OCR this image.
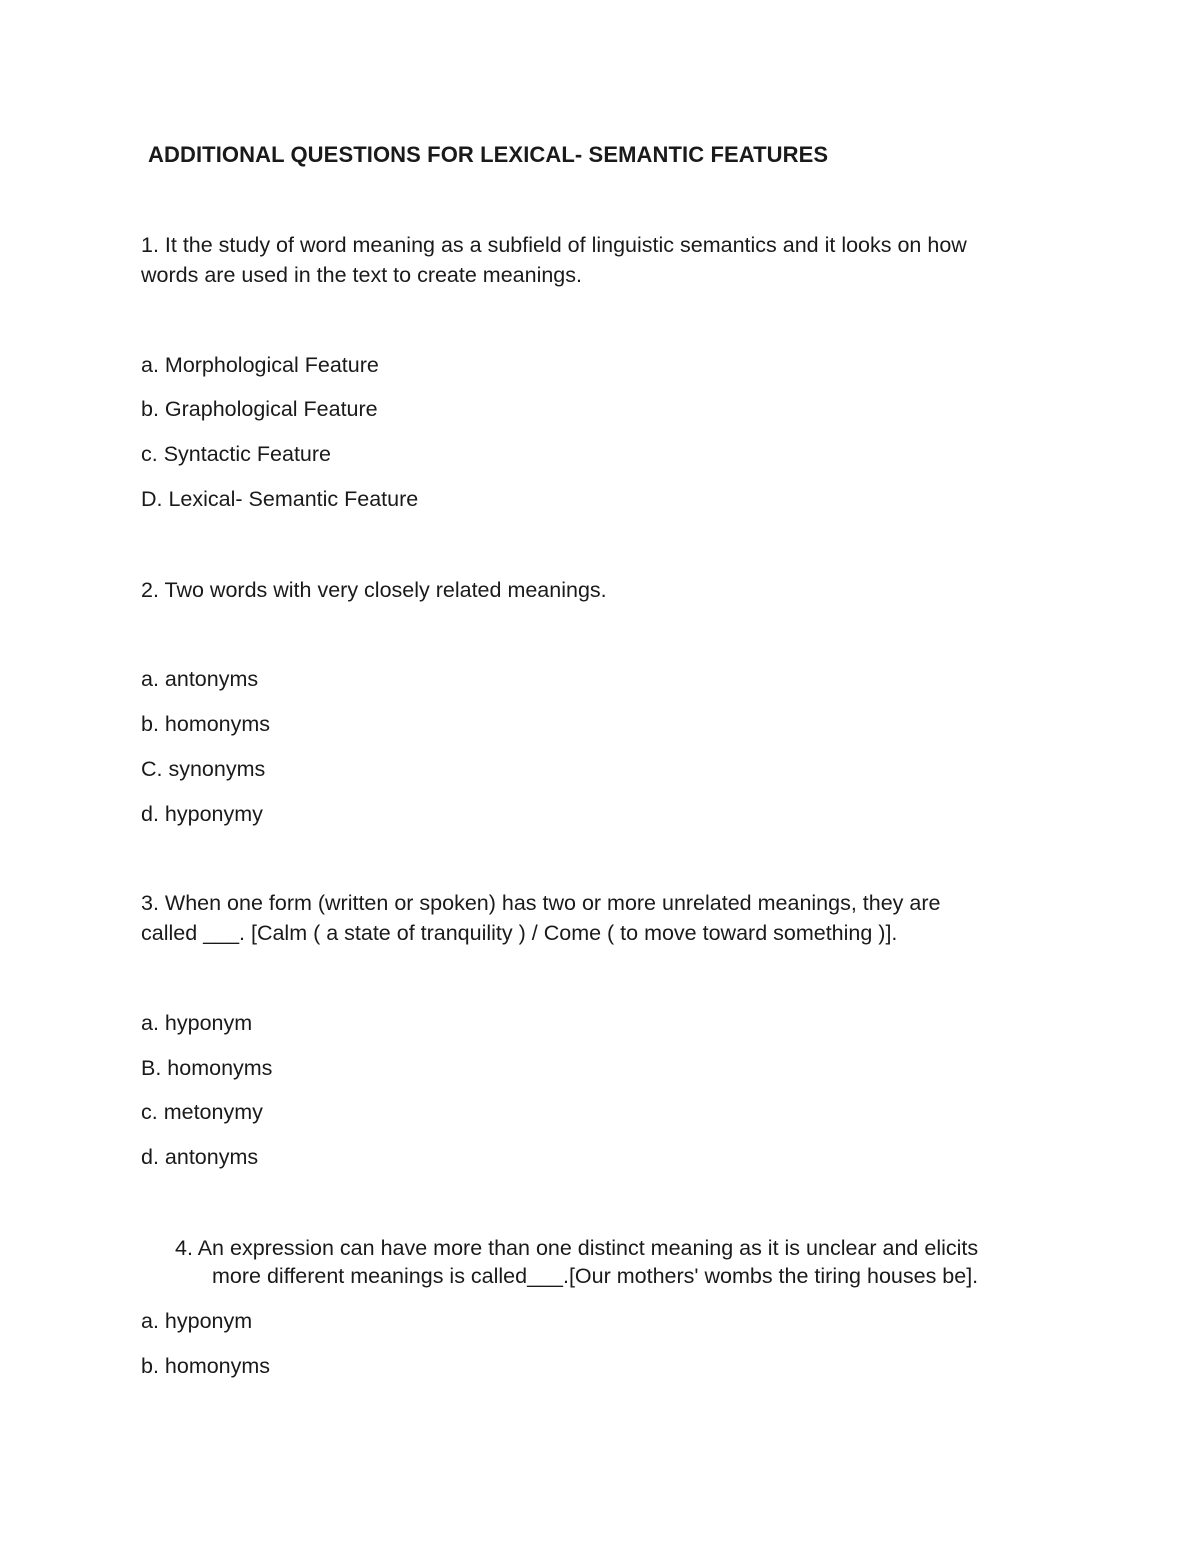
ADDITIONAL QUESTIONS FOR LEXICAL- SEMANTIC FEATURES
1. It the study of word meaning as a subfield of linguistic semantics and it looks on how
words are used in the text to create meanings.
a. Morphological Feature
b. Graphological Feature
c. Syntactic Feature
D. Lexical- Semantic Feature
2. Two words with very closely related meanings.
a. antonyms
b. homonyms
C. synonyms
d. hyponymy
3. When one form (written or spoken) has two or more unrelated meanings, they are
called ___. [Calm ( a state of tranquility ) / Come ( to move toward something )].
a. hyponym
B. homonyms
c. metonymy
d. antonyms
4. An expression can have more than one distinct meaning as it is unclear and elicits
more different meanings is called___.[Our mothers' wombs the tiring houses be].
a. hyponym
b. homonyms
